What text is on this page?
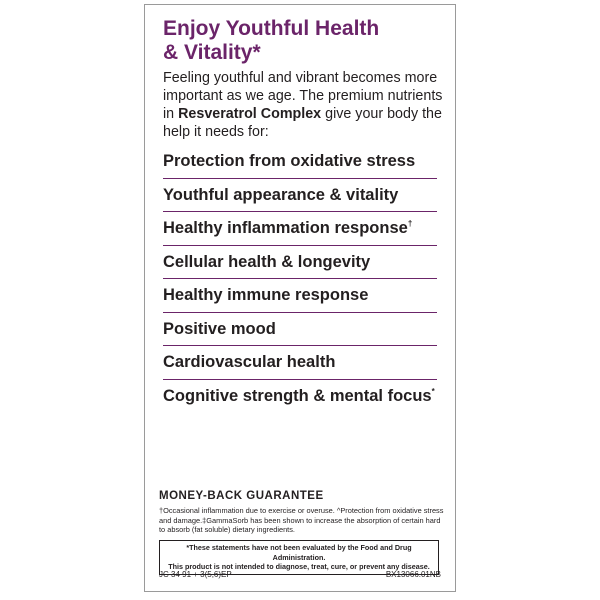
Enjoy Youthful Health
& Vitality*

Feeling youthful and vibrant becomes more important as we age. The premium nutrients in Resveratrol Complex give your body the help it needs for:

Protection from oxidative stress
Youthful appearance & vitality
Healthy inflammation response†
Cellular health & longevity
Healthy immune response
Positive mood
Cardiovascular health
Cognitive strength & mental focus*
MONEY-BACK GUARANTEE

†Occasional inflammation due to exercise or overuse. ^Protection from oxidative stress and damage.‡GammaSorb has been shown to increase the absorption of certain hard to absorb (fat soluble) dietary ingredients.

*These statements have not been evaluated by the Food and Drug Administration.
This product is not intended to diagnose, treat, cure, or prevent any disease.

JC 34 91 + 3(5,6)EP	BX13066.01NB
